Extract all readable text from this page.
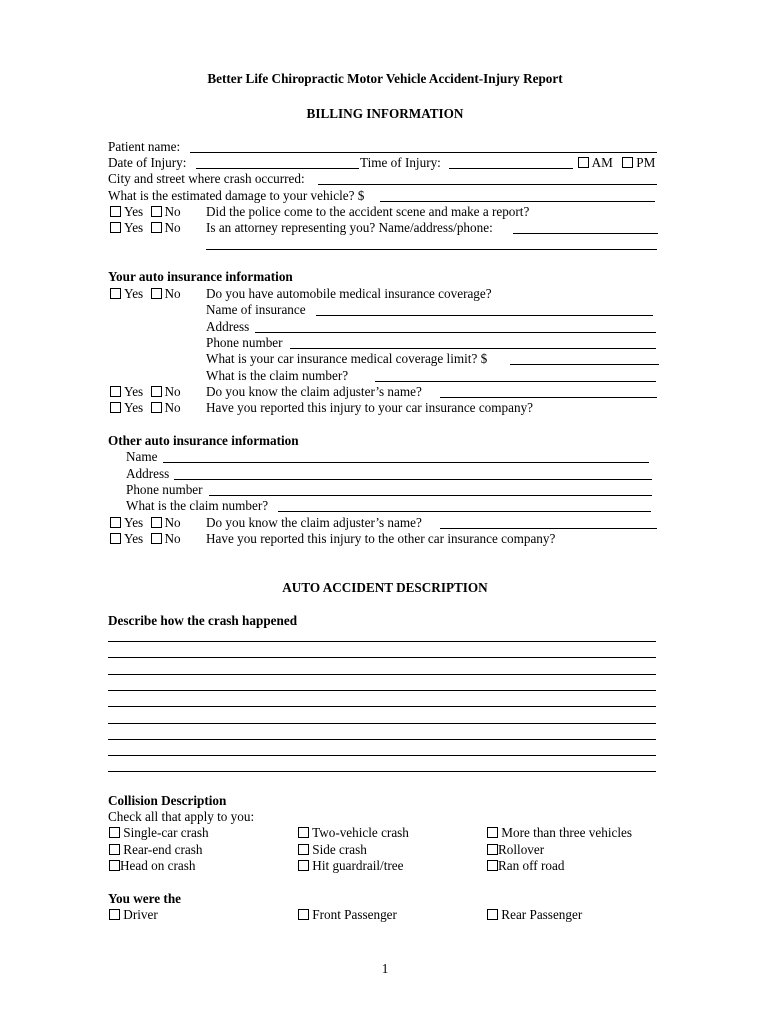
Better Life Chiropractic Motor Vehicle Accident-Injury Report
BILLING INFORMATION
Patient name:
Date of Injury:	Time of Injury:	AM	PM
City and street where crash occurred:
What is the estimated damage to your vehicle? $
Yes No Did the police come to the accident scene and make a report?
Yes No Is an attorney representing you? Name/address/phone:
Your auto insurance information
Yes No Do you have automobile medical insurance coverage?
Name of insurance
Address
Phone number
What is your car insurance medical coverage limit? $
What is the claim number?
Yes No Do you know the claim adjuster’s name?
Yes No Have you reported this injury to your car insurance company?
Other auto insurance information
Name
Address
Phone number
What is the claim number?
Yes No Do you know the claim adjuster’s name?
Yes No Have you reported this injury to the other car insurance company?
AUTO ACCIDENT DESCRIPTION
Describe how the crash happened
Collision Description
Check all that apply to you:
Single-car crash	Two-vehicle crash	More than three vehicles
Rear-end crash	Side crash	Rollover
Head on crash	Hit guardrail/tree	Ran off road
You were the
Driver	Front Passenger	Rear Passenger
1
